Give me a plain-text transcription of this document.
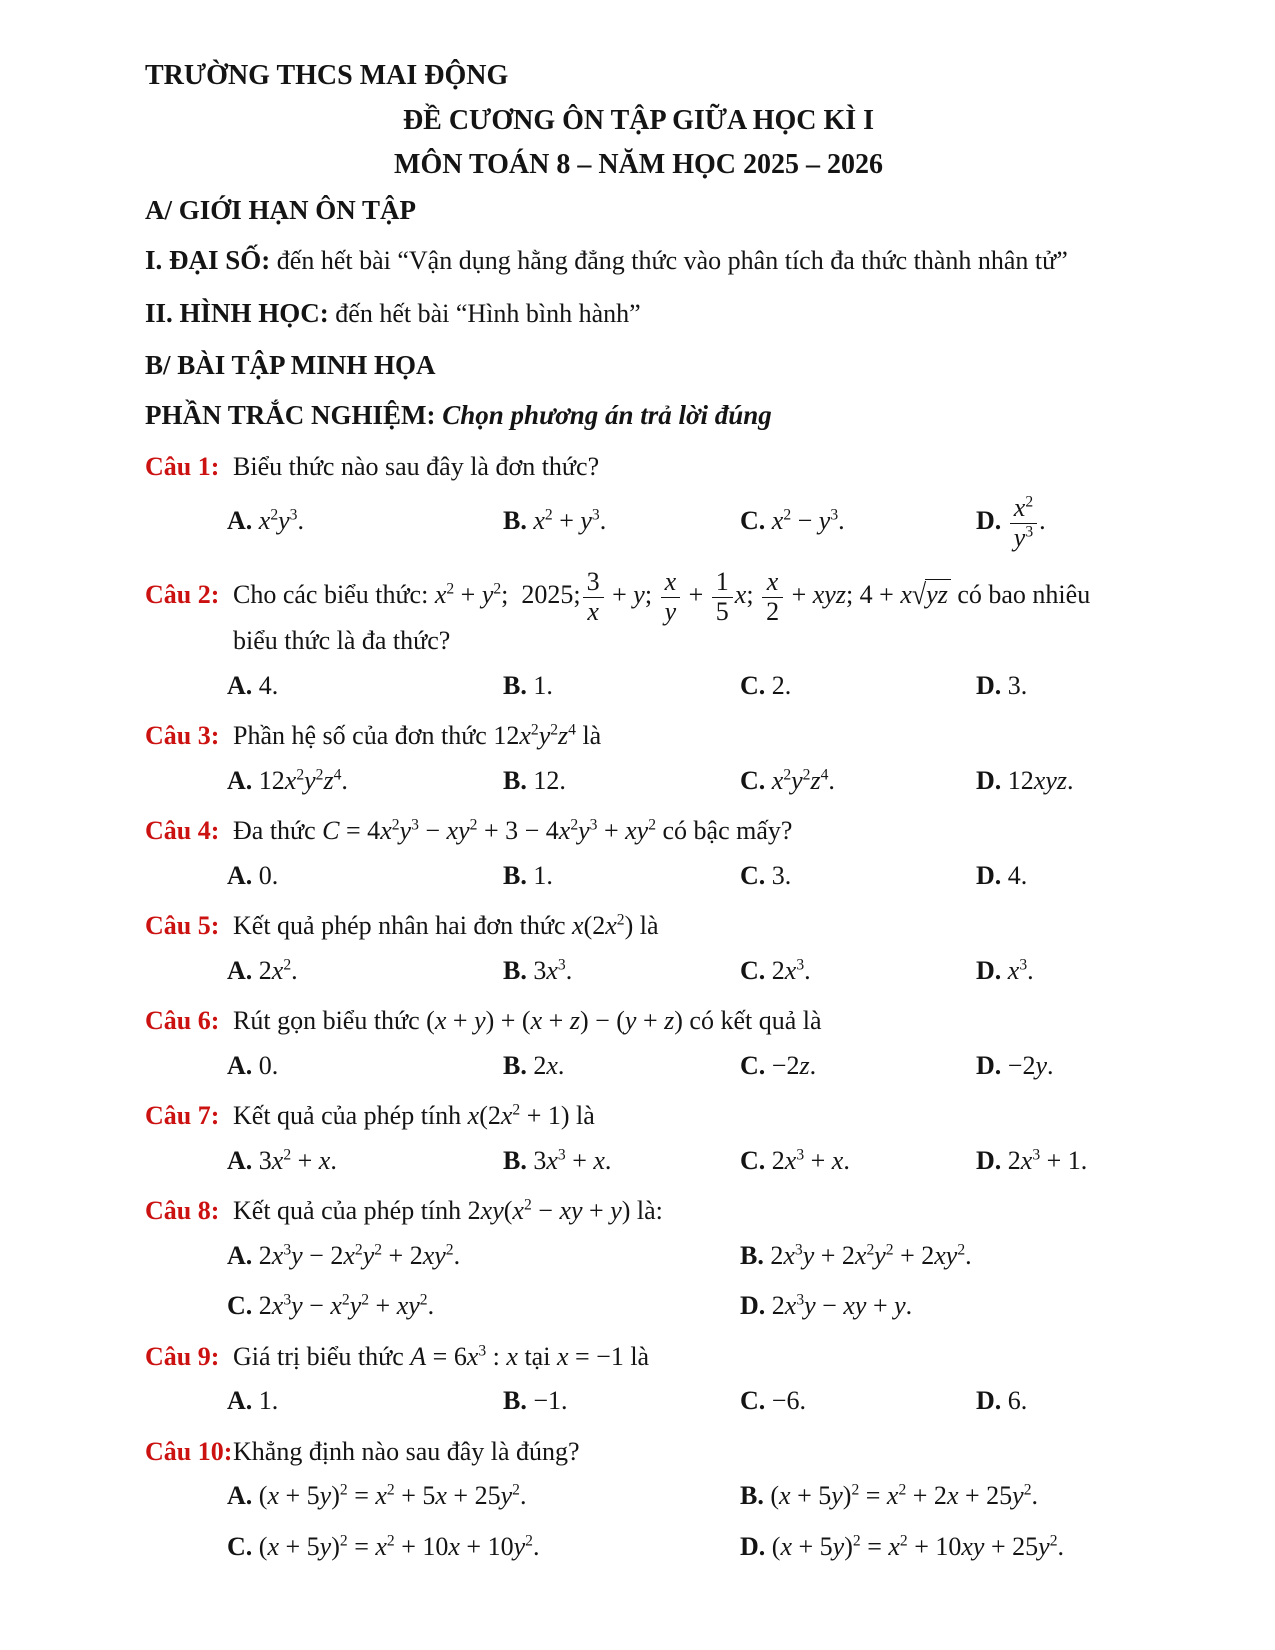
TRƯỜNG THCS MAI ĐỘNG

ĐỀ CƯƠNG ÔN TẬP GIỮA HỌC KÌ I

MÔN TOÁN 8 – NĂM HỌC 2025 – 2026

A/ GIỚI HẠN ÔN TẬP

I. ĐẠI SỐ: đến hết bài “Vận dụng hằng đẳng thức vào phân tích đa thức thành nhân tử”

II. HÌNH HỌC: đến hết bài “Hình bình hành”

B/ BÀI TẬP MINH HỌA

PHẦN TRẮC NGHIỆM: Chọn phương án trả lời đúng

Câu 1: Biểu thức nào sau đây là đơn thức?

A. $x^2y^3$.	B. $x^2 + y^3$.	C. $x^2 - y^3$.	D. $\frac{x^2}{y^3}$ .

Câu 2: Cho các biểu thức: $x^2 + y^2$;  2025; $\frac{3}{x} + y$; $\frac{x}{y} + \frac{1}{5} x$; $\frac{x}{2}$ + xyz; 4 + x√yz có bao nhiêu biểu thức là đa thức?

A. 4.	B. 1.	C. 2.	D. 3.

Câu 3: Phần hệ số của đơn thức $12x^2y^2z^4$ là

A. $12x^2y^2z^4$.	B. 12.	C. $x^2y^2z^4$.	D. 12xyz.

Câu 4: Đa thức $C = 4x^2y^3 - xy^2 + 3 - 4x^2y^3 + xy^2$ có bậc mấy?

A. 0.	B. 1.	C. 3.	D. 4.

Câu 5: Kết quả phép nhân hai đơn thức $x(2x^2)$ là

A. $2x^2$.	B. $3x^3$.	C. $2x^3$.	D. $x^3$.

Câu 6: Rút gọn biểu thức (x + y) + (x + z) − (y + z) có kết quả là

A. 0.	B. 2x.	C. −2z.	D. −2y.

Câu 7: Kết quả của phép tính $x(2x^2 + 1)$ là

A. $3x^2 + x$.	B. $3x^3 + x$.	C. $2x^3 + x$.	D. $2x^3 + 1$.

Câu 8: Kết quả của phép tính $2xy(x^2$ − xy + y) là:

A. $2x^3y - 2x^2y^2 + 2xy^2$.	B. $2x^3y + 2x^2y^2 + 2xy^2$.
C. $2x^3y - x^2y^2 + xy^2$.	D. $2x^3y$ − xy + y.

Câu 9: Giá trị biểu thức $A = 6x^3$ : x tại x = −1 là

A. 1.	B. −1.	C. −6.	D. 6.

Câu 10: Khẳng định nào sau đây là đúng?

A. $(x + 5y)^2 = x^2 + 5x + 25y^2$.	B. $(x + 5y)^2 = x^2 + 2x + 25y^2$.
C. $(x + 5y)^2 = x^2 + 10x + 10y^2$.	D. $(x + 5y)^2 = x^2 + 10xy + 25y^2$.
